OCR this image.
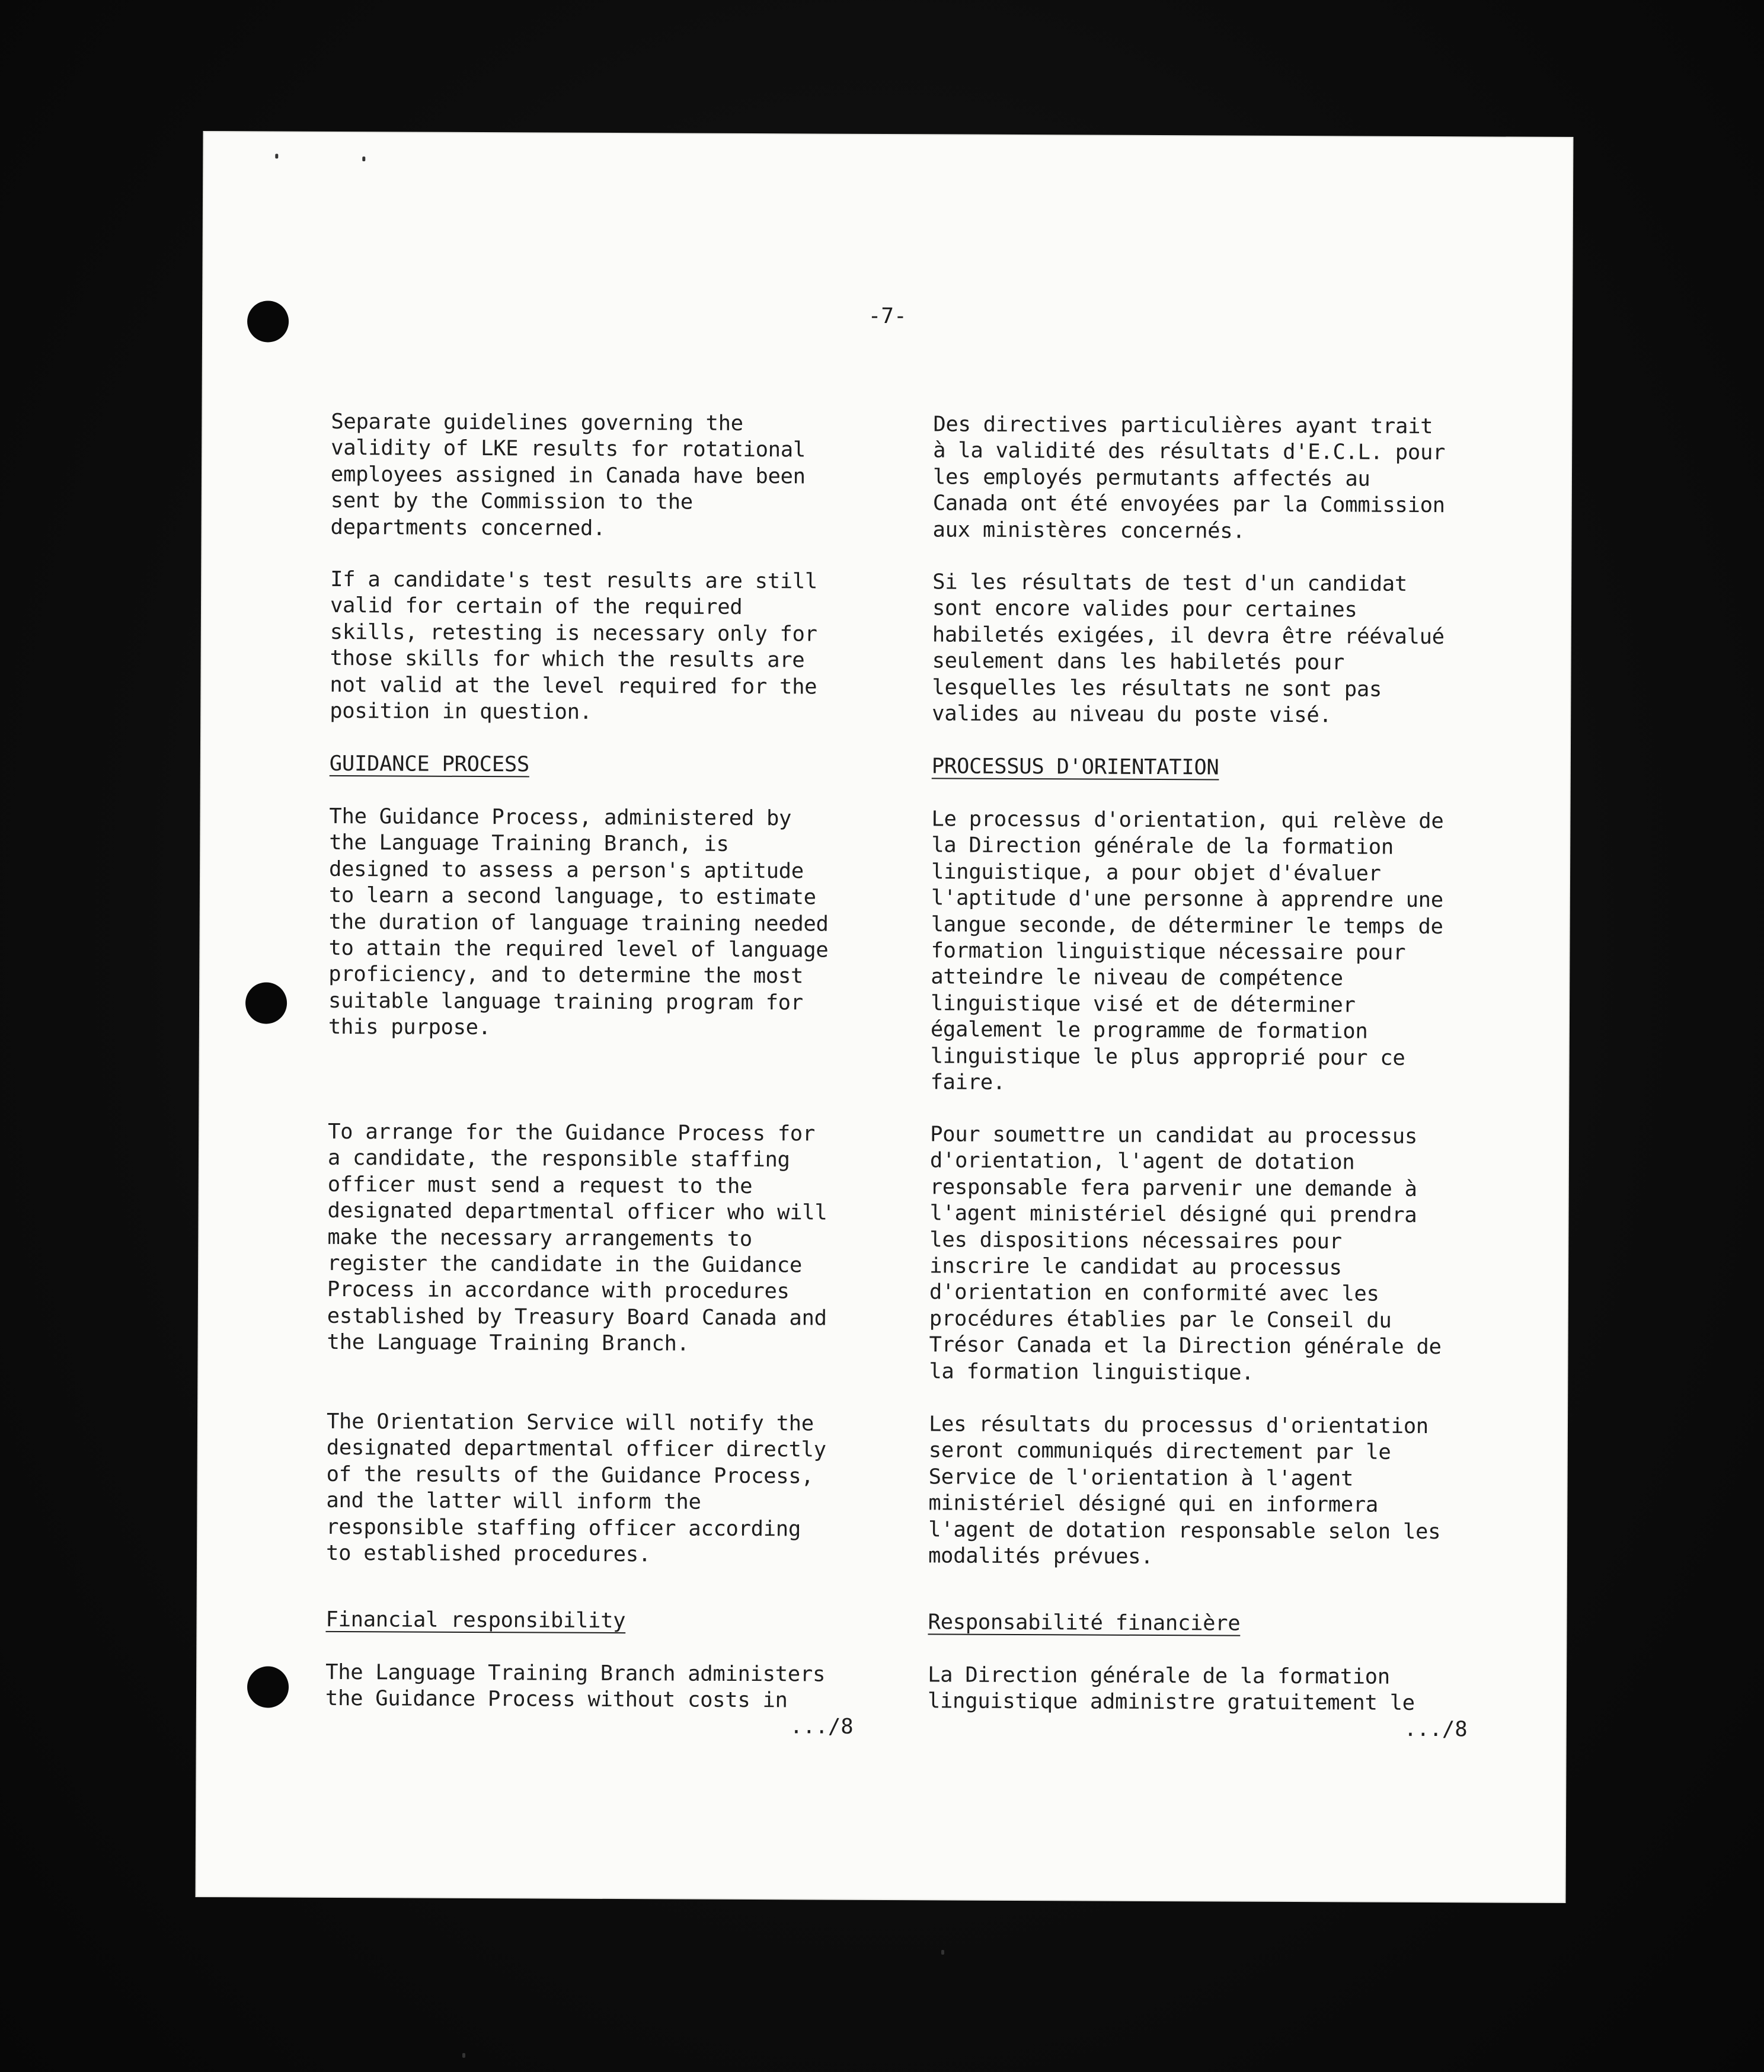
-7-

Separate guidelines governing the
validity of LKE results for rotational
employees assigned in Canada have been
sent by the Commission to the
departments concerned.

If a candidate's test results are still
valid for certain of the required
skills, retesting is necessary only for
those skills for which the results are
not valid at the level required for the
position in question.

GUIDANCE PROCESS

The Guidance Process, administered by
the Language Training Branch, is
designed to assess a person's aptitude
to learn a second language, to estimate
the duration of language training needed
to attain the required level of language
proficiency, and to determine the most
suitable language training program for
this purpose.

To arrange for the Guidance Process for
a candidate, the responsible staffing
officer must send a request to the
designated departmental officer who will
make the necessary arrangements to
register the candidate in the Guidance
Process in accordance with procedures
established by Treasury Board Canada and
the Language Training Branch.

The Orientation Service will notify the
designated departmental officer directly
of the results of the Guidance Process,
and the latter will inform the
responsible staffing officer according
to established procedures.

Financial responsibility

The Language Training Branch administers
the Guidance Process without costs in

Des directives particulières ayant trait
à la validité des résultats d'E.C.L. pour
les employés permutants affectés au
Canada ont été envoyées par la Commission
aux ministères concernés.

Si les résultats de test d'un candidat
sont encore valides pour certaines
habiletés exigées, il devra être réévalué
seulement dans les habiletés pour
lesquelles les résultats ne sont pas
valides au niveau du poste visé.

PROCESSUS D'ORIENTATION

Le processus d'orientation, qui relève de
la Direction générale de la formation
linguistique, a pour objet d'évaluer
l'aptitude d'une personne à apprendre une
langue seconde, de déterminer le temps de
formation linguistique nécessaire pour
atteindre le niveau de compétence
linguistique visé et de déterminer
également le programme de formation
linguistique le plus approprié pour ce
faire.

Pour soumettre un candidat au processus
d'orientation, l'agent de dotation
responsable fera parvenir une demande à
l'agent ministériel désigné qui prendra
les dispositions nécessaires pour
inscrire le candidat au processus
d'orientation en conformité avec les
procédures établies par le Conseil du
Trésor Canada et la Direction générale de
la formation linguistique.

Les résultats du processus d'orientation
seront communiqués directement par le
Service de l'orientation à l'agent
ministériel désigné qui en informera
l'agent de dotation responsable selon les
modalités prévues.

Responsabilité financière

La Direction générale de la formation
linguistique administre gratuitement le

.../8	.../8
